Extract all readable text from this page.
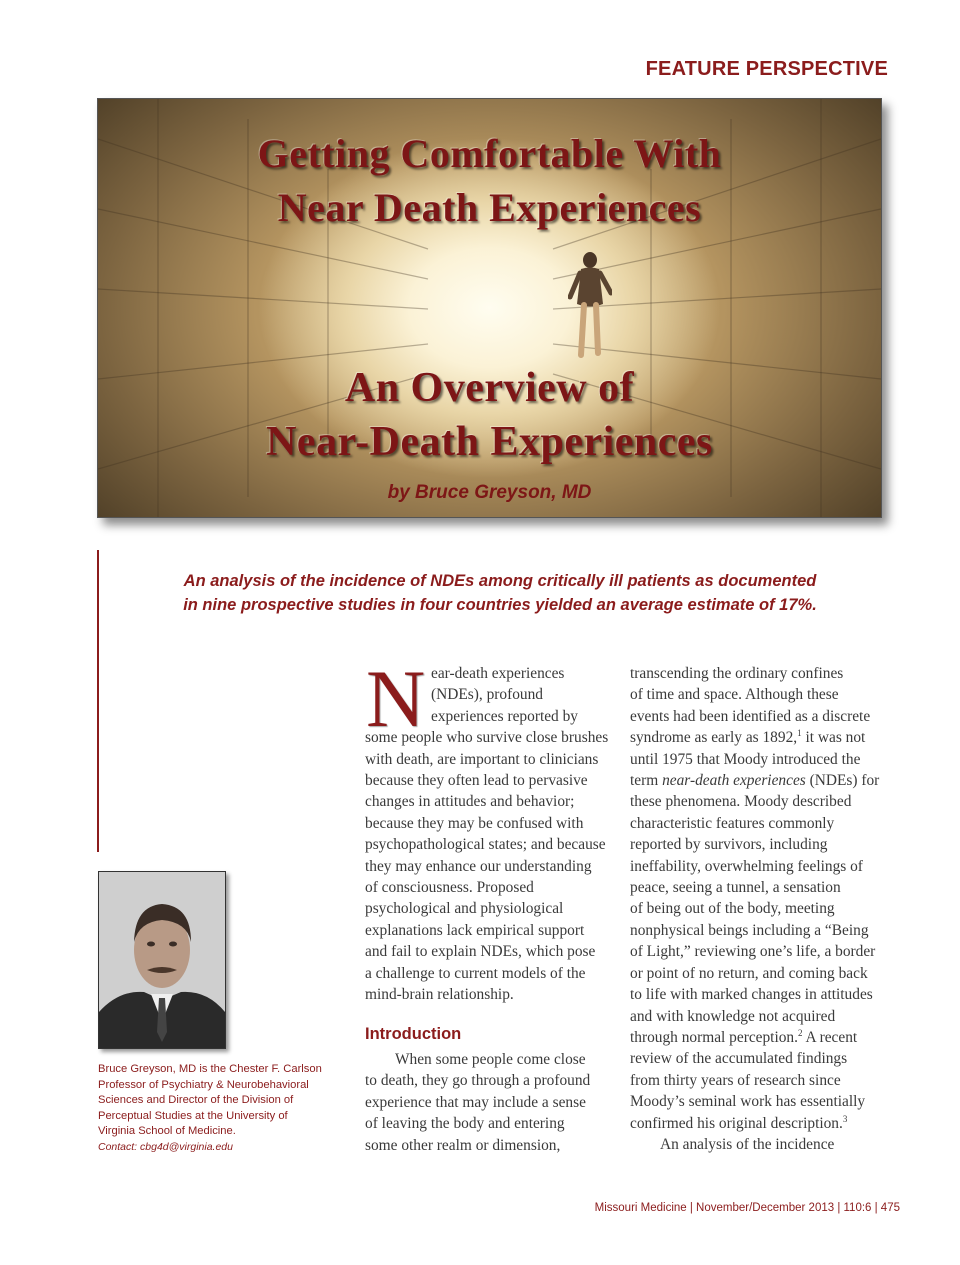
FEATURE PERSPECTIVE
Getting Comfortable With
Near Death Experiences
An Overview of
Near-Death Experiences
by Bruce Greyson, MD
An analysis of the incidence of NDEs among critically ill patients as documented
in nine prospective studies in four countries yielded an average estimate of 17%.
Bruce Greyson, MD is the Chester F. Carlson
Professor of Psychiatry & Neurobehavioral
Sciences and Director of the Division of
Perceptual Studies at the University of
Virginia School of Medicine.
Contact: cbg4d@virginia.edu
N ear-death experiences
(NDEs), profound
experiences reported by
some people who survive close brushes
with death, are important to clinicians
because they often lead to pervasive
changes in attitudes and behavior;
because they may be confused with
psychopathological states; and because
they may enhance our understanding
of consciousness. Proposed
psychological and physiological
explanations lack empirical support
and fail to explain NDEs, which pose
a challenge to current models of the
mind-brain relationship.
Introduction
When some people come close
to death, they go through a profound
experience that may include a sense
of leaving the body and entering
some other realm or dimension,
transcending the ordinary confines
of time and space. Although these
events had been identified as a discrete
syndrome as early as 1892,$^1$ it was not
until 1975 that Moody introduced the
term near-death experiences (NDEs) for
these phenomena. Moody described
characteristic features commonly
reported by survivors, including
ineffability, overwhelming feelings of
peace, seeing a tunnel, a sensation
of being out of the body, meeting
nonphysical beings including a “Being
of Light,” reviewing one’s life, a border
or point of no return, and coming back
to life with marked changes in attitudes
and with knowledge not acquired
through normal perception.$^2$ A recent
review of the accumulated findings
from thirty years of research since
Moody’s seminal work has essentially
confirmed his original description.$^3$
An analysis of the incidence
Missouri Medicine | November/December 2013 | 110:6 | 475
